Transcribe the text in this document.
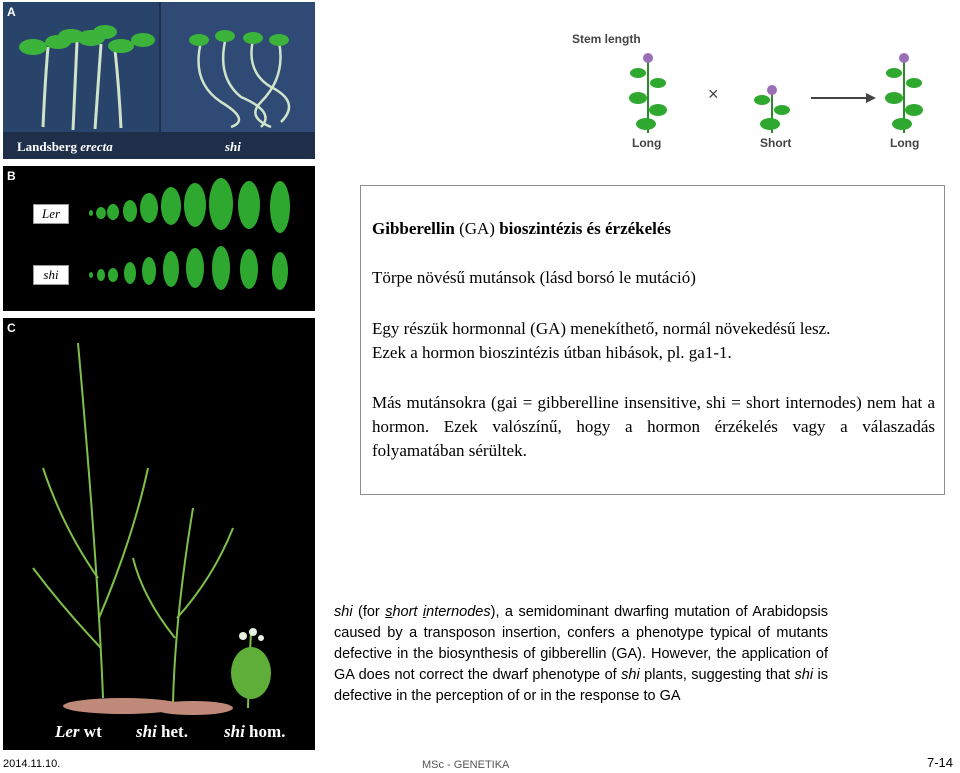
A
Landsberg erecta	shi
B
Ler
shi
C
Ler wt shi het. shi hom.
Stem length
×
Long	Short	Long
Gibberellin (GA) bioszintézis és érzékelés
Törpe növésű mutánsok (lásd borsó le mutáció)
Egy részük hormonnal (GA) menekíthető, normál növekedésű lesz.
Ezek a hormon bioszintézis útban hibások, pl. ga1-1.
Más mutánsokra (gai = gibberelline insensitive, shi = short internodes) nem hat a hormon. Ezek valószínű, hogy a hormon érzékelés vagy a válaszadás folyamatában sérültek.
shi (for short internodes), a semidominant dwarfing mutation of Arabidopsis caused by a transposon insertion, confers a phenotype typical of mutants defective in the biosynthesis of gibberellin (GA). However, the application of GA does not correct the dwarf phenotype of shi plants, suggesting that shi is defective in the perception of or in the response to GA
2014.11.10.	MSc - GENETIKA	7-14
